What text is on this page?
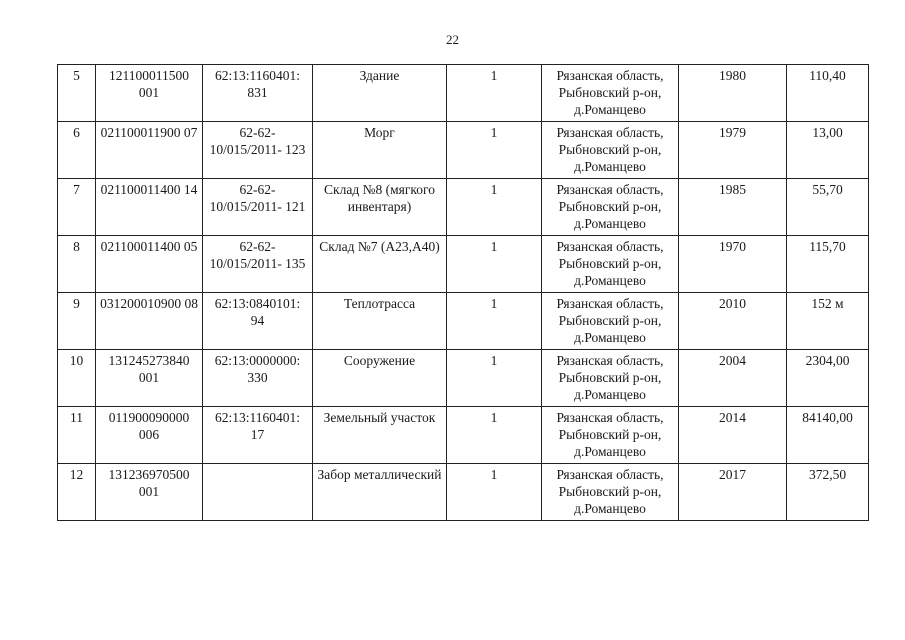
22
5	121100011500 001	62:13:1160401: 831	Здание	1	Рязанская область, Рыбновский р-он, д.Романцево	1980	110,40
6	021100011900 07	62-62- 10/015/2011- 123	Морг	1	Рязанская область, Рыбновский р-он, д.Романцево	1979	13,00
7	021100011400 14	62-62- 10/015/2011- 121	Склад №8 (мягкого инвентаря)	1	Рязанская область, Рыбновский р-он, д.Романцево	1985	55,70
8	021100011400 05	62-62- 10/015/2011- 135	Склад №7 (А23,А40)	1	Рязанская область, Рыбновский р-он, д.Романцево	1970	115,70
9	031200010900 08	62:13:0840101: 94	Теплотрасса	1	Рязанская область, Рыбновский р-он, д.Романцево	2010	152 м
10	131245273840 001	62:13:0000000: 330	Сооружение	1	Рязанская область, Рыбновский р-он, д.Романцево	2004	2304,00
11	011900090000 006	62:13:1160401: 17	Земельный участок	1	Рязанская область, Рыбновский р-он, д.Романцево	2014	84140,00
12	131236970500 001		Забор металлический	1	Рязанская область, Рыбновский р-он, д.Романцево	2017	372,50
